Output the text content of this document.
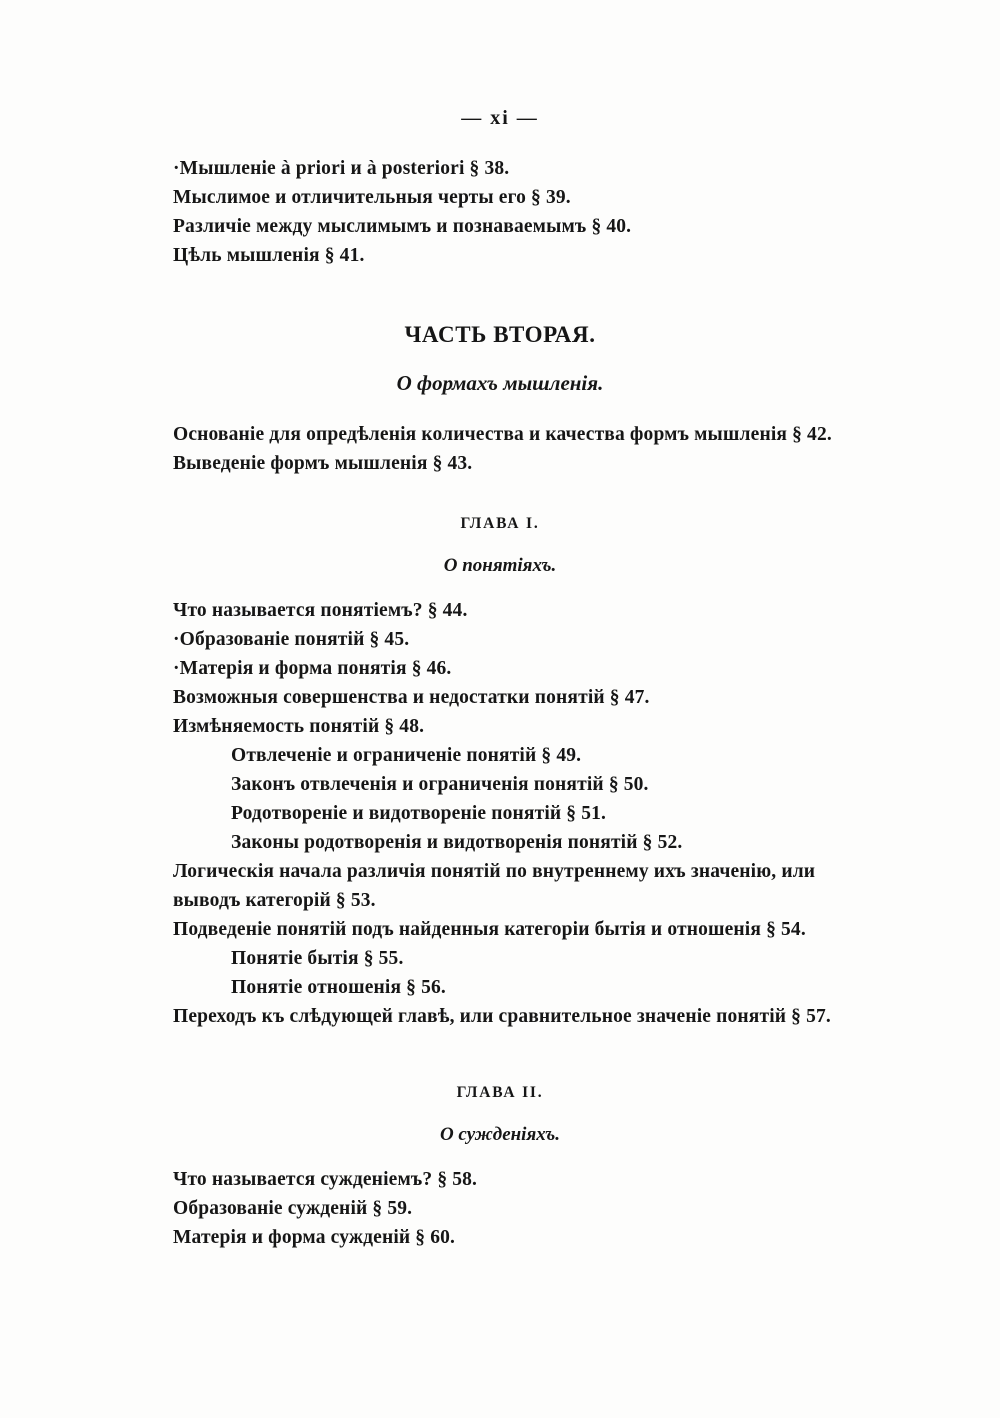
— xi —
·Мышленіе à priori и à posteriori § 38.
Мыслимое и отличительныя черты его § 39.
Различіе между мыслимымъ и познаваемымъ § 40.
Цѣль мышленія § 41.
ЧАСТЬ ВТОРАЯ.
О формахъ мышленія.
Основаніе для опредѣленія количества и качества формъ мышленія § 42.
Выведеніе формъ мышленія § 43.
ГЛАВА I.
О понятіяхъ.
Что называется понятіемъ? § 44.
·Образованіе понятій § 45.
·Матерія и форма понятія § 46.
Возможныя совершенства и недостатки понятій § 47.
Измѣняемость понятій § 48.
Отвлеченіе и ограниченіе понятій § 49.
Законъ отвлеченія и ограниченія понятій § 50.
Родотвореніе и видотвореніе понятій § 51.
Законы родотворенія и видотворенія понятій § 52.
Логическія начала различія понятій по внутреннему ихъ значенію, или
выводъ категорій § 53.
Подведеніе понятій подъ найденныя категоріи бытія и отношенія § 54.
Понятіе бытія § 55.
Понятіе отношенія § 56.
Переходъ къ слѣдующей главѣ, или сравнительное значеніе понятій § 57.
ГЛАВА II.
О сужденіяхъ.
Что называется сужденіемъ? § 58.
Образованіе сужденій § 59.
Матерія и форма сужденій § 60.
